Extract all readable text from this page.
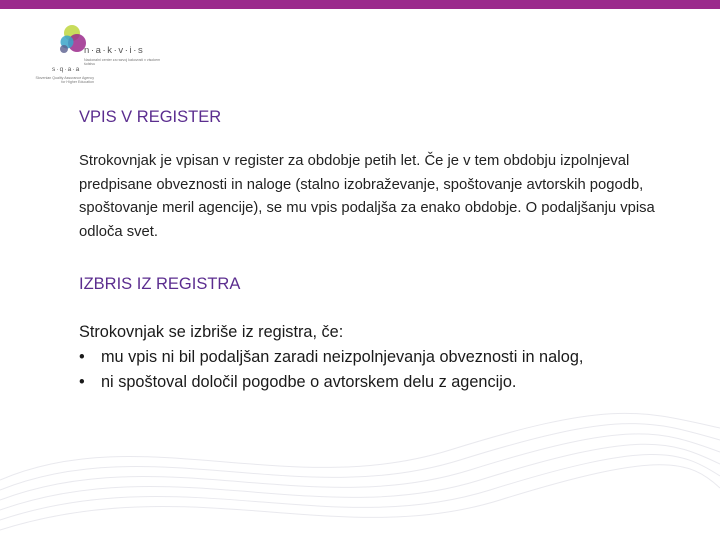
n·a·k·v·i·s
Nacionalni center za razvoj kakovosti v visokem šolstvu
s·q·a·a
Slovenian Quality Assurance Agency for Higher Education
VPIS V REGISTER

Strokovnjak je vpisan v register za obdobje petih let. Če je v tem obdobju izpolnjeval predpisane obveznosti in naloge (stalno izobraževanje, spoštovanje avtorskih pogodb, spoštovanje meril agencije), se mu vpis podaljša za enako obdobje. O podaljšanju vpisa odloča svet.

IZBRIS IZ REGISTRA

Strokovnjak se izbriše iz registra, če:

• mu vpis ni bil podaljšan zaradi neizpolnjevanja obveznosti in nalog,
• ni spoštoval določil pogodbe o avtorskem delu z agencijo.
